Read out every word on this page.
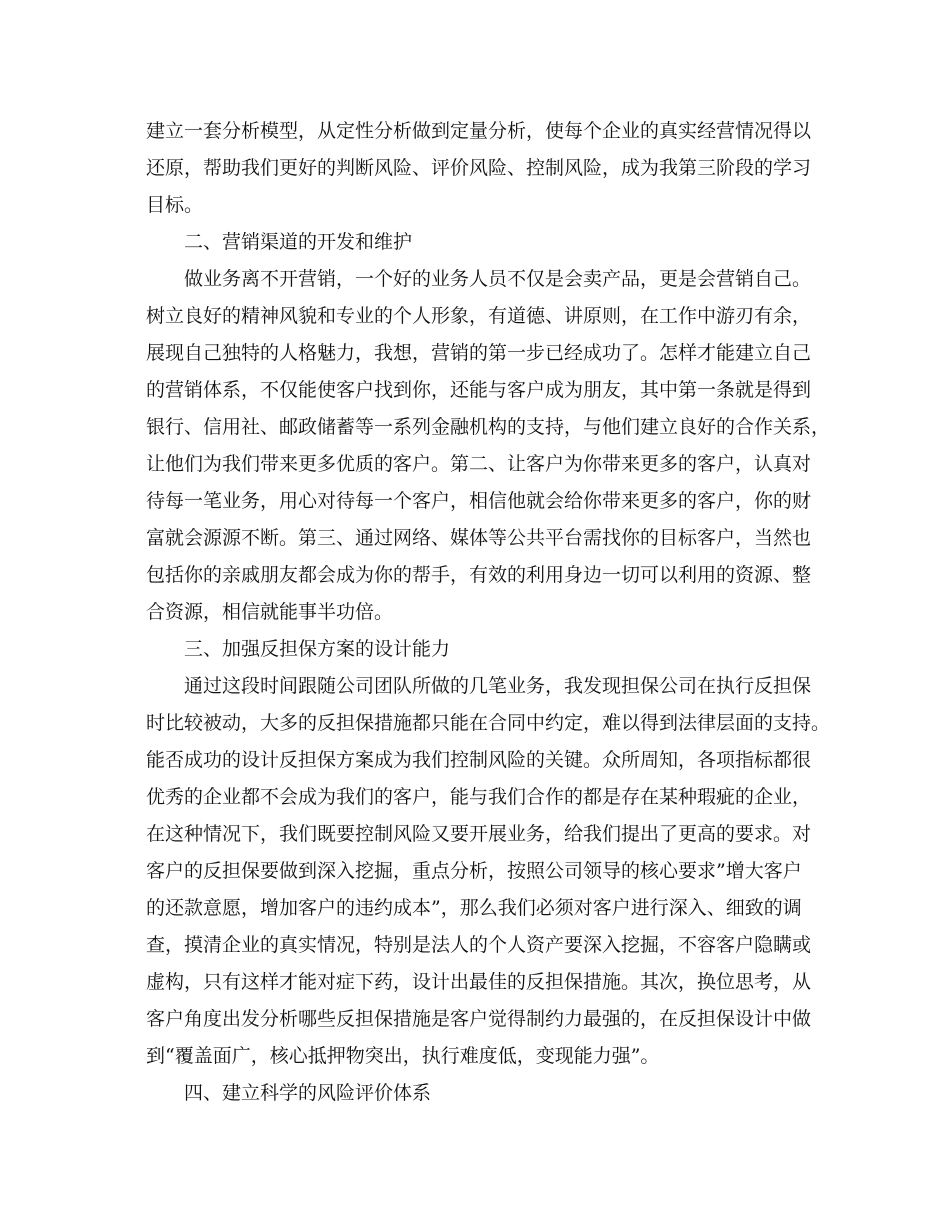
建立一套分析模型，从定性分析做到定量分析，使每个企业的真实经营情况得以
还原，帮助我们更好的判断风险、评价风险、控制风险，成为我第三阶段的学习
目标。
二、营销渠道的开发和维护
做业务离不开营销，一个好的业务人员不仅是会卖产品，更是会营销自己。
树立良好的精神风貌和专业的个人形象，有道德、讲原则，在工作中游刃有余，
展现自己独特的人格魅力，我想，营销的第一步已经成功了。怎样才能建立自己
的营销体系，不仅能使客户找到你，还能与客户成为朋友，其中第一条就是得到
银行、信用社、邮政储蓄等一系列金融机构的支持，与他们建立良好的合作关系，
让他们为我们带来更多优质的客户。第二、让客户为你带来更多的客户，认真对
待每一笔业务，用心对待每一个客户，相信他就会给你带来更多的客户，你的财
富就会源源不断。第三、通过网络、媒体等公共平台需找你的目标客户，当然也
包括你的亲戚朋友都会成为你的帮手，有效的利用身边一切可以利用的资源、整
合资源，相信就能事半功倍。
三、加强反担保方案的设计能力
通过这段时间跟随公司团队所做的几笔业务，我发现担保公司在执行反担保
时比较被动，大多的反担保措施都只能在合同中约定，难以得到法律层面的支持。
能否成功的设计反担保方案成为我们控制风险的关键。众所周知，各项指标都很
优秀的企业都不会成为我们的客户，能与我们合作的都是存在某种瑕疵的企业，
在这种情况下，我们既要控制风险又要开展业务，给我们提出了更高的要求。对
客户的反担保要做到深入挖掘，重点分析，按照公司领导的核心要求”增大客户
的还款意愿，增加客户的违约成本”，那么我们必须对客户进行深入、细致的调
查，摸清企业的真实情况，特别是法人的个人资产要深入挖掘，不容客户隐瞒或
虚构，只有这样才能对症下药，设计出最佳的反担保措施。其次，换位思考，从
客户角度出发分析哪些反担保措施是客户觉得制约力最强的，在反担保设计中做
到“覆盖面广，核心抵押物突出，执行难度低，变现能力强”。
四、建立科学的风险评价体系
